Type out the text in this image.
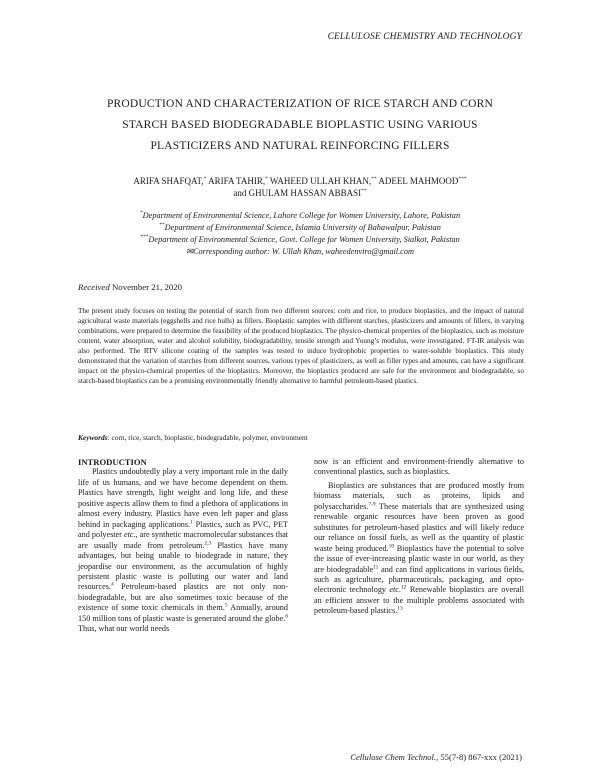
CELLULOSE CHEMISTRY AND TECHNOLOGY
PRODUCTION AND CHARACTERIZATION OF RICE STARCH AND CORN
STARCH BASED BIODEGRADABLE BIOPLASTIC USING VARIOUS
PLASTICIZERS AND NATURAL REINFORCING FILLERS
ARIFA SHAFQAT,* ARIFA TAHIR,* WAHEED ULLAH KHAN,** ADEEL MAHMOOD***
and GHULAM HASSAN ABBASI**
*Department of Environmental Science, Lahore College for Women University, Lahore, Pakistan
**Department of Environmental Science, Islamia University of Bahawalpur, Pakistan
***Department of Environmental Science, Govt. College for Women University, Sialkot, Pakistan
✉Corresponding author: W. Ullah Khan, waheedenviro@gmail.com
Received November 21, 2020
The present study focuses on testing the potential of starch from two different sources: corn and rice, to produce bioplastics, and the impact of natural agricultural waste materials (eggshells and rice hulls) as fillers. Bioplastic samples with different starches, plasticizers and amounts of fillers, in varying combinations, were prepared to determine the feasibility of the produced bioplastics. The physico-chemical properties of the bioplastics, such as moisture content, water absorption, water and alcohol solubility, biodegradability, tensile strength and Young’s modulus, were investigated. FT-IR analysis was also performed. The RTV silicone coating of the samples was tested to induce hydrophobic properties to water-soluble bioplastics. This study demonstrated that the variation of starches from different sources, various types of plasticizers, as well as filler types and amounts, can have a significant impact on the physico-chemical properties of the bioplastics. Moreover, the bioplastics produced are safe for the environment and biodegradable, so starch-based bioplastics can be a promising environmentally friendly alternative to harmful petroleum-based plastics.
Keywords: corn, rice, starch, bioplastic, biodegradable, polymer, environment
INTRODUCTION

Plastics undoubtedly play a very important role in the daily life of us humans, and we have become dependent on them. Plastics have strength, light weight and long life, and these positive aspects allow them to find a plethora of applications in almost every industry. Plastics have even left paper and glass behind in packaging applications.$^1$ Plastics, such as PVC, PET and polyester etc., are synthetic macromolecular substances that are usually made from petroleum.$^{2,3}$ Plastics have many advantages, but being unable to biodegrade in nature, they jeopardise our environment, as the accumulation of highly persistent plastic waste is polluting our water and land resources.$^4$ Petroleum-based plastics are not only non-biodegradable, but are also sometimes toxic because of the existence of some toxic chemicals in them.$^5$ Annually, around 150 million tons of plastic waste is generated around the globe.$^6$ Thus, what our world needs

now is an efficient and environment-friendly alternative to conventional plastics, such as bioplastics.

Bioplastics are substances that are produced mostly from biomass materials, such as proteins, lipids and polysaccharides.$^{7-9}$ These materials that are synthesized using renewable organic resources have been proven as good substitutes for petroleum-based plastics and will likely reduce our reliance on fossil fuels, as well as the quantity of plastic waste being produced.$^{10}$ Bioplastics have the potential to solve the issue of ever-increasing plastic waste in our world, as they are biodegradable$^{11}$ and can find applications in various fields, such as agriculture, pharmaceuticals, packaging, and opto-electronic technology etc.$^{12}$ Renewable bioplastics are overall an efficient answer to the multiple problems associated with petroleum-based plastics.$^{13}$

Cellulose Chem Technol., 55(7-8) 867-xxx (2021)
